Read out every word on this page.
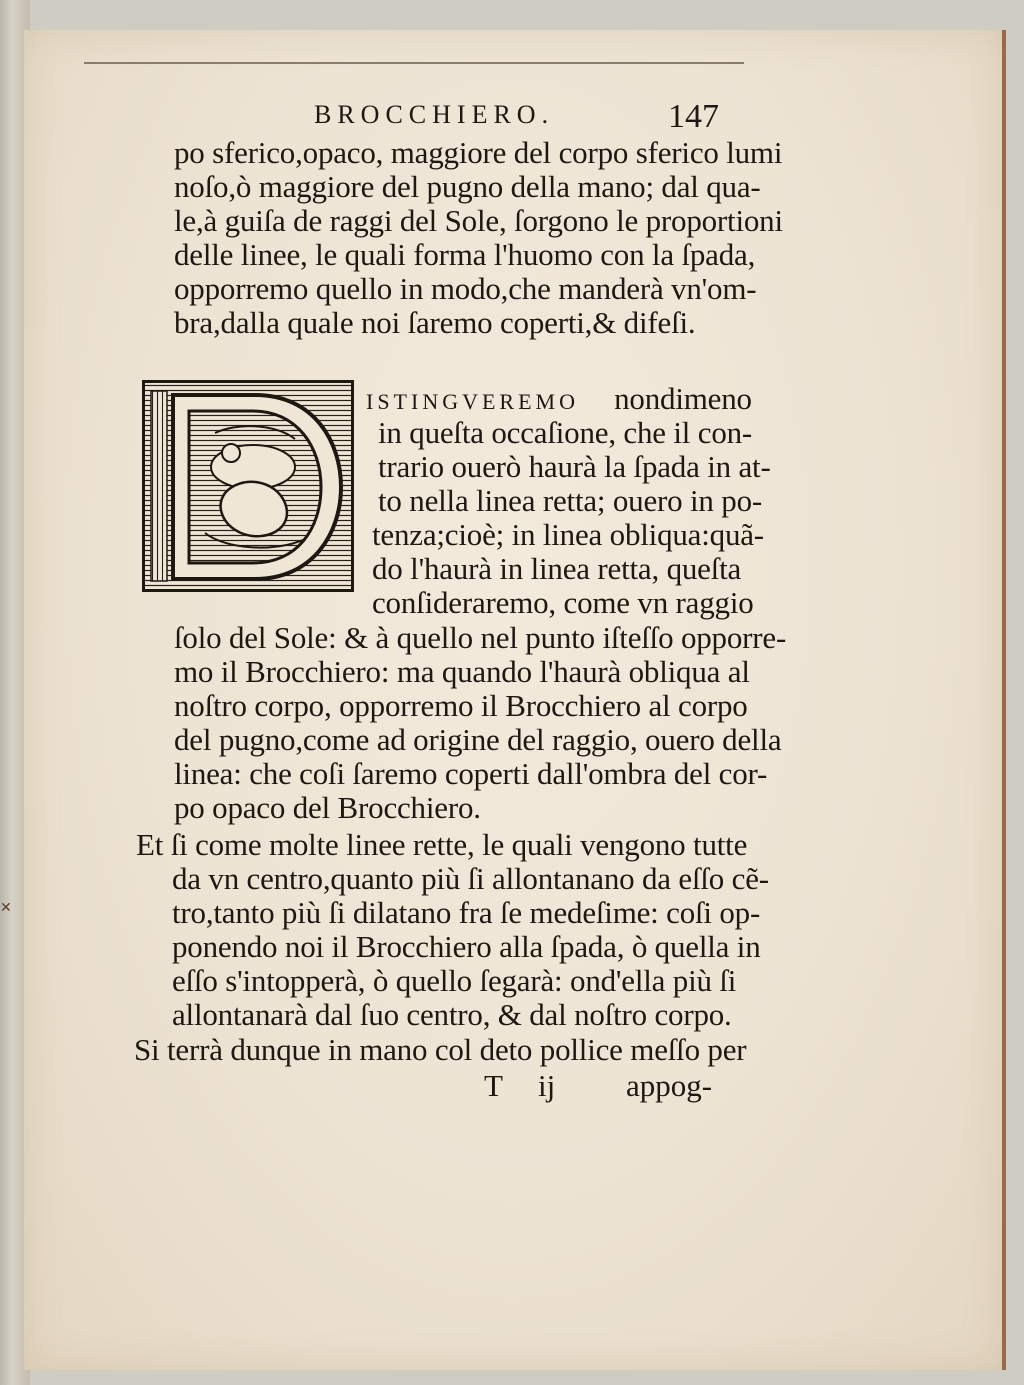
✕
BROCCHIERO.	147
po sferico,opaco, maggiore del corpo sferico lumi
noſo,ò maggiore del pugno della mano; dal qua-
le,à guiſa de raggi del Sole, ſorgono le proportioni
delle linee, le quali forma l'huomo con la ſpada,
opporremo quello in modo,che manderà vn'om-
bra,dalla quale noi ſaremo coperti,& difeſi.
ISTINGVEREMO nondimeno
in queſta occaſione, che il con-
trario ouerò haurà la ſpada in at-
to nella linea retta; ouero in po-
tenza;cioè; in linea obliqua:quã-
do l'haurà in linea retta, queſta
conſideraremo, come vn raggio
ſolo del Sole: & à quello nel punto iſteſſo opporre-
mo il Brocchiero: ma quando l'haurà obliqua al
noſtro corpo, opporremo il Brocchiero al corpo
del pugno,come ad origine del raggio, ouero della
linea: che coſi ſaremo coperti dall'ombra del cor-
po opaco del Brocchiero.
Et ſi come molte linee rette, le quali vengono tutte
da vn centro,quanto più ſi allontanano da eſſo cẽ-
tro,tanto più ſi dilatano fra ſe medeſime: coſi op-
ponendo noi il Brocchiero alla ſpada, ò quella in
eſſo s'intopperà, ò quello ſegarà: ond'ella più ſi
allontanarà dal ſuo centro, & dal noſtro corpo.
Si terrà dunque in mano col deto pollice meſſo per
T ij appog-
